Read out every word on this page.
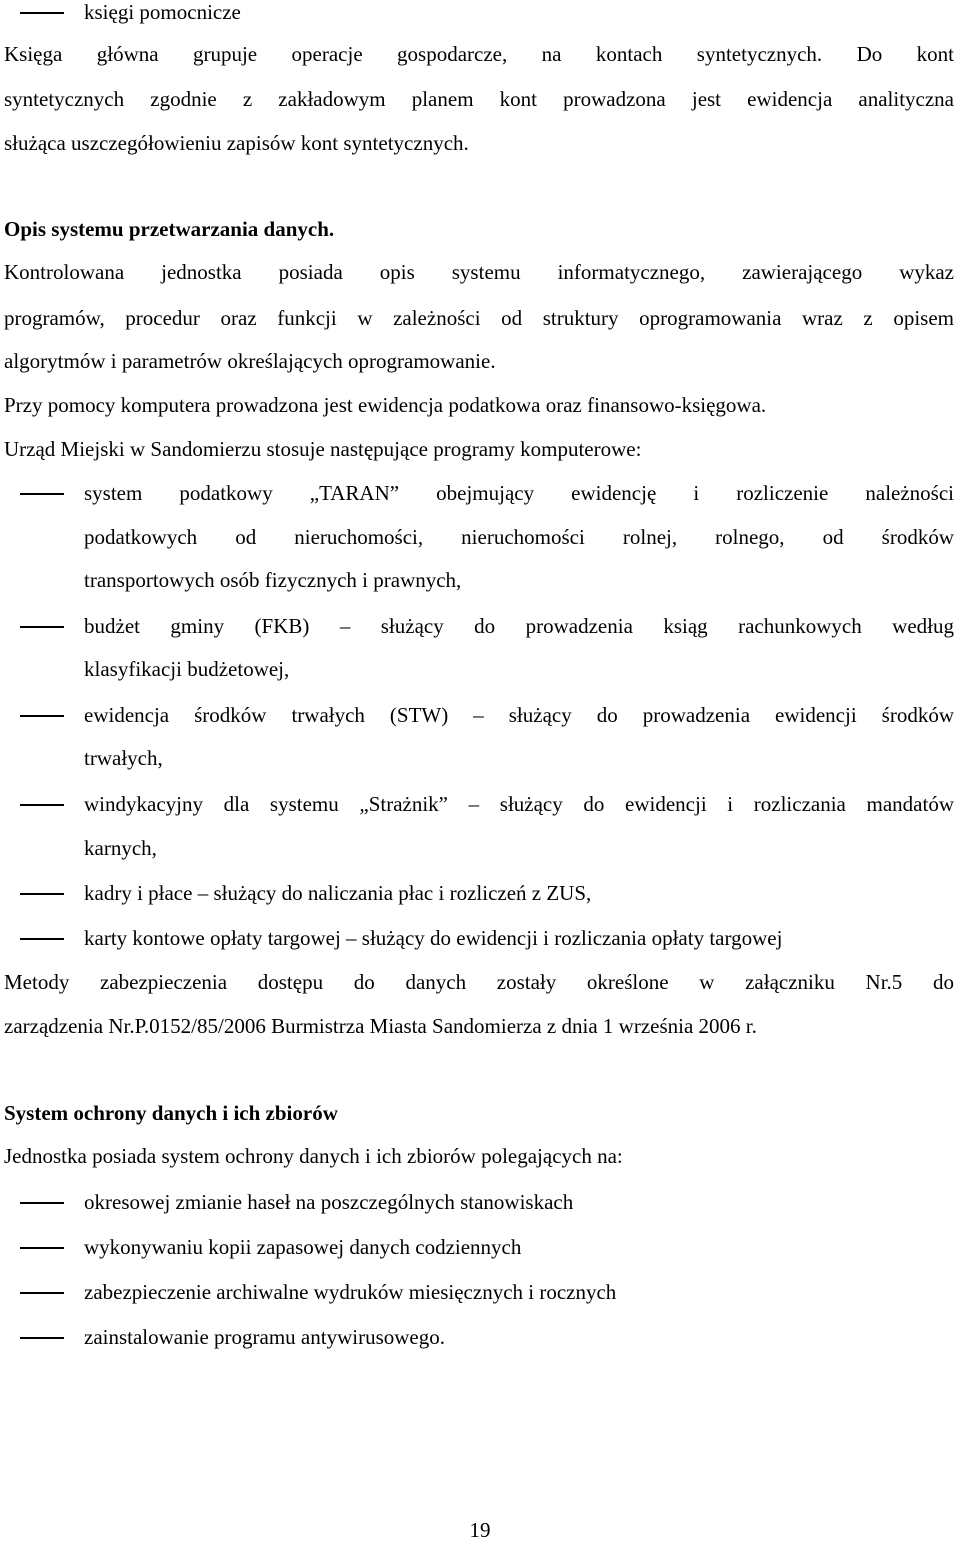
księgi pomocnicze
Księga główna grupuje operacje gospodarcze, na kontach syntetycznych. Do kont
syntetycznych zgodnie z zakładowym planem kont prowadzona jest ewidencja analityczna
służąca uszczegółowieniu zapisów kont syntetycznych.
Opis systemu przetwarzania danych.
Kontrolowana jednostka posiada opis systemu informatycznego, zawierającego wykaz
programów, procedur oraz funkcji w zależności od struktury oprogramowania wraz z opisem
algorytmów i parametrów określających oprogramowanie.
Przy pomocy komputera prowadzona jest ewidencja podatkowa oraz finansowo-księgowa.
Urząd Miejski w Sandomierzu stosuje następujące programy komputerowe:
system podatkowy „TARAN” obejmujący ewidencję i rozliczenie należności
podatkowych od nieruchomości, nieruchomości rolnej, rolnego, od środków
transportowych osób fizycznych i prawnych,
budżet gminy (FKB) – służący do prowadzenia ksiąg rachunkowych według
klasyfikacji budżetowej,
ewidencja środków trwałych (STW) – służący do prowadzenia ewidencji środków
trwałych,
windykacyjny dla systemu „Strażnik” – służący do ewidencji i rozliczania mandatów
karnych,
kadry i płace – służący do naliczania płac i rozliczeń z ZUS,
karty kontowe opłaty targowej – służący do ewidencji i rozliczania opłaty targowej
Metody zabezpieczenia dostępu do danych zostały określone w załączniku Nr.5 do
zarządzenia Nr.P.0152/85/2006 Burmistrza Miasta Sandomierza z dnia 1 września 2006 r.
System ochrony danych i ich zbiorów
Jednostka posiada system ochrony danych i ich zbiorów polegających na:
okresowej zmianie haseł na poszczególnych stanowiskach
wykonywaniu kopii zapasowej danych codziennych
zabezpieczenie archiwalne wydruków miesięcznych i rocznych
zainstalowanie programu antywirusowego.
19
